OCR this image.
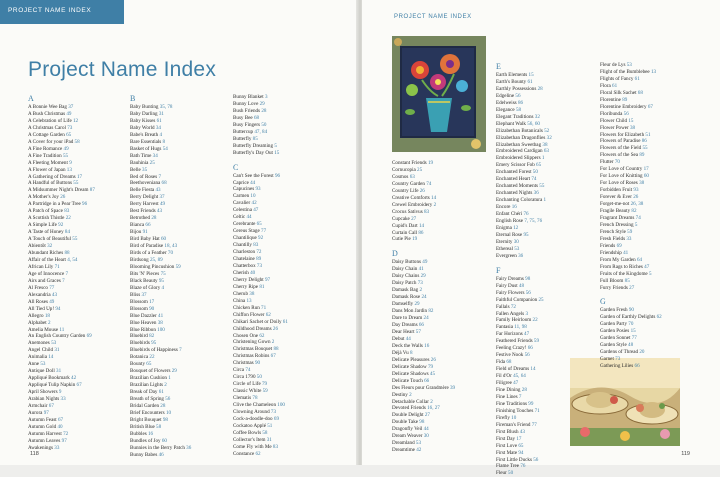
PROJECT NAME INDEX
Project Name Index
118
PROJECT NAME INDEX
119
A
A Bonnie Wee Bag 37
A Bush Christmas 49
A Celebration of Life 12
A Christmas Carol 73
A Cottage Garden 65
A Cover for your iPad 58
A Fine Romance 49
A Fine Tradition 55
A Fleeting Moment 9
A Flower of Japan 13
A Gathering of Dreams 17
A Handful of Buttons 55
A Midsummer Night's Dream 87
A Mother's Joy 26
A Partridge in a Pear Tree 96
A Patch of Space 83
A Scottish Thistle 22
A Simple Life 92
A Taste of Honey 84
A Touch of Beautiful 55
Abientôt 32
Abundant Riches 88
Affair of the Heart 4, 54
African Lily 71
Age of Innocence 7
Airs and Graces 7
Al Fresco 77
Alexandria 43
All Roses 49
All Tied Up! 94
Allegro 18
Alphabet 2
Amelia Mouse 11
An English Country Garden 69
Anemones 53
Angel Child 31
Animalia 14
Anne 53
Antique Doll 31
Appliqué Bookmark 42
Appliqué Tulip Napkin 67
April Showers 9
Arabian Nights 33
Armchair 67
Aurora 97
Autumn Feast 67
Autumn Gold 40
Autumn Harvest 72
Autumn Leaves 97
Awakenings 33
B
Baby Bunting 35, 78
Baby Darling 31
Baby Kisses 61
Baby World 34
Babe's Breath 4
Bare Essentials 8
Basket of Hugs 54
Bath Time 34
Bauhinia 25
Belle 35
Bed of Roses 7
Beethoveniana 68
Belle Fiesta 43
Berry Delight 37
Berry Harvest 49
Best Friends 43
Betrothed 28
Bianca 66
Bijou 91
Bird Baby Hat 60
Bird of Paradise 18, 43
Birds of a Feather 70
Birdsong 25, 89
Blooming Pincushion 59
Bits 'N' Pieces 75
Black Beauty 95
Blaze of Glory 4
Bliss 37
Blossom 17
Blossom 90
Blue Dazzler 41
Blue Heaven 38
Blue Ribbon 100
Bluebird 82
Bluebirds 95
Bluebirds of Happiness 7
Botanica 22
Bounty 65
Bouquet of Flowers 29
Brazilian Cushion 1
Brazilian Lights 2
Break of Day 61
Breath of Spring 56
Bridal Garden 28
Brief Encounters 10
Bright Bouquet 98
British Blue 58
Bubbles 16
Bundles of Joy 60
Bunnies in the Berry Patch 36
Bunny Babes 46
Bunny Blanket 3
Bunny Love 29
Bush Friends 28
Busy Bee 68
Busy Fingers 50
Buttercup 47, 84
Butterfly 85
Butterfly Dreaming 5
Butterfly's Day Out 15
C
Can't See the Forest 96
Caprice 44
Capucines 93
Carmen 10
Cavalier 42
Celestina 47
Celtic 44
Cerebrante 65
Cereus Stage 77
Chantilique 92
Chantilly 83
Charleston 72
Chatelaine 89
Chatterbox 73
Cherish 40
Cherry Delight 97
Cherry Ripe 81
Cherub 38
China 13
Chicken Run 71
Chiffon Flower 62
Chikari Sachet or Doily 61
Childhood Dreams 26
Chosen One 62
Christening Gown 2
Christmas Bouquet 88
Christmas Robins 67
Christmas 90
Circa 74
Circa 1790 50
Circle of Life 79
Classic White 59
Clematis 78
Clive the Chameleon 100
Clowning Around 73
Cock-a-doodle-doo 69
Cockatoo Applé 51
Coffee Bowls 58
Collector's Item 31
Come Fly with Me 83
Constance 62
Constant Friends 19
Cornucopia 25
Cosmos 63
Country Garden 74
Country Life 26
Creative Comforts 14
Crewel Embroidery 2
Crocus Sativus 83
Cupcake 27
Cupid's Dart 14
Curtain Call 86
Cutie Pie 19
D
Daisy Buttons 49
Daisy Chain 41
Daisy Chains 29
Daisy Patch 73
Damask Bag 2
Damask Rose 24
Damselfly 29
Dans Mon Jardin 82
Dare to Dream 24
Day Dreams 66
Dear Heart 57
Debut 44
Deck the Walls 16
Déjà Vu 8
Delicate Pleasures 26
Delicate Shadow 79
Delicate Shadows 45
Delicate Touch 66
Des Fleurs pour Grandmère 39
Destiny 2
Detachable Collar 2
Devoted Friends 16, 27
Double Delight 27
Double Take 98
Dragonfly Veil 44
Dream Weaver 30
Dreamland 53
Dreamtime 42
E
Earth Elements 15
Earth's Bounty 61
Earthly Possessions 28
Edgeline 56
Edelweiss 86
Elegance 58
Elegant Traditions 32
Elephant Walk 56, 60
Elizabethan Botanicals 52
Elizabethan Dragonflies 32
Elizabethan Sweetbag 38
Embroidered Cardigan 63
Embroidered Slippers 1
Emery Scissor Fob 65
Enchanted Forest 50
Enchanted Heart 74
Enchanted Moments 55
Enchanted Nights 36
Enchanting Coloratura 1
Encore 16
Enfant Chéri 76
English Rose 7, 75, 76
Enigma 12
Eternal Rose 95
Eternity 30
Ethereal 53
Evergreen 36
F
Fairy Dreams 98
Fairy Dust 48
Fairy Flowers 56
Faithful Companion 25
Fallals 72
Fallen Angels 3
Family Heirloom 22
Fantasia 11, 98
Far Horizons 47
Feathered Friends 59
Feeling Crazy! 66
Festive Nook 56
Fida 68
Field of Dreams 14
Fil d'Or 45, 64
Filigree 47
Fine Dining 28
Fine Lines 7
Fine Traditions 99
Finishing Touches 71
Firefly 10
Fireman's Friend 77
First Blush 43
First Day 17
First Love 65
First Mate 94
First Little Ducks 56
Flame Tree 76
Fleur 50
Fleur de Lys 53
Flight of the Bumblebee 13
Flights of Fancy 61
Flora 61
Floral Silk Sachet 68
Florentine 89
Florentine Embroidery 67
Floribunda 56
Flower Child 15
Flower Power 38
Flowers for Elizabeth 51
Flowers of Paradise 86
Flowers of the Field 55
Flowers of the Sea 89
Flutter 70
For Love of Country 17
For Love of Knitting 60
For Love of Roses 38
Forbidden Fruit 93
Forever & Ever 26
Forget-me-not 26, 38
Fragile Beauty 82
Fragrant Dreams 74
French Dressing 5
French Style 59
Fresh Fields 33
Friends 69
Friendship 41
From My Garden 64
From Rags to Riches 47
Fruits of the Kingdome 5
Full Bloom 85
Furry Friends 27
G
Garden Fresh 90
Garden of Earthly Delights 62
Garden Party 70
Garden Posies 15
Garden Sonnet 77
Garden Style 48
Gardens of Thread 20
Garnet 73
Gathering Lilies 66
